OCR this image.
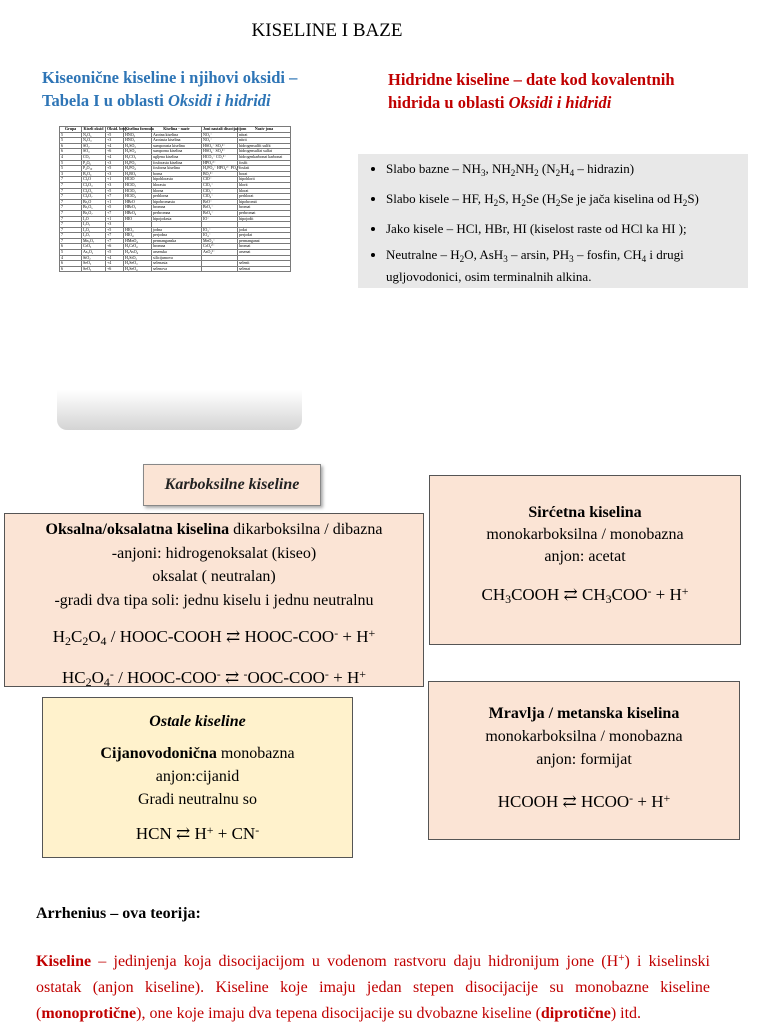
KISELINE I BAZE
Kiseonične kiseline i njihovi oksidi –
Tabela I u oblasti Oksidi i hidridi
Hidridne kiseline – date kod kovalentnih
hidrida u oblasti Oksidi i hidridi
Grupa	Kiseli oksid	Oksid. broj	Kiselina formula	Kiselina - naziv	Joni nastali disocijacijom	Naziv jona
5	N₂O₅	+5	HNO₃	Azotna kiselina	NO₃⁻	nitrat
5	N₂O₃	+3	HNO₂	Azotasta kiselina	NO₂⁻	nitrit
6	SO₂	+4	H₂SO₃	sumporasta kiselina	HSO₃⁻ SO₃²⁻	hidrogensulfit sulfit
6	SO₃	+6	H₂SO₄	sumporna kiselina	HSO₄⁻ SO₄²⁻	hidrogensulfat sulfat
4	CO₂	+4	H₂CO₃	ugljena kiselina	HCO₃⁻ CO₃²⁻	hidrogenkarbonat karbonat
5	P₄O₆	+3	H₃PO₃	fosforasta kiselina	HPO₃²⁻	fosfit
5	P₄O₁₀	+5	H₃PO₄	fosforna kiselina	H₂PO₄⁻ HPO₄²⁻ PO₄³⁻	fosfati
3	B₂O₃	+3	H₃BO₃	borna	BO₃³⁻	borat
7	Cl₂O	+1	HClO	hipohlorasta	ClO⁻	hipohlorit
7	Cl₂O₃	+3	HClO₂	hlorasta	ClO₂⁻	hlorit
7	Cl₂O₅	+5	HClO₃	hlorna	ClO₃⁻	hlorat
7	Cl₂O₇	+7	HClO₄	perhlorna	ClO₄⁻	perhlorat
7	Br₂O	+1	HBrO	hipobromasta	BrO⁻	hipobromit
7	Br₂O₅	+5	HBrO₃	bromna	BrO₃⁻	bromat
7	Br₂O₇	+7	HBrO₄	perbromna	BrO₄⁻	perbromat
7	I₂O	+1	HIO	hipojodasta	IO⁻	hipojodit
7	I₂O₃	+3				
7	I₂O₅	+5	HIO₃	jodna	IO₃⁻	jodat
7	I₂O₇	+7	HIO₄	perjodna	IO₄⁻	perjodat
7	Mn₂O₇	+7	HMnO₄	permanganska	MnO₄⁻	permanganat
6	CrO₃	+6	H₂CrO₄	hromna	CrO₄²⁻	hromat
5	As₂O₅	+5	H₃AsO₄	arsenska	AsO₄³⁻	arsenat
4	SiO₂	+4	H₂SiO₃	silicijumova		
6	SeO₂	+4	H₂SeO₃	selenasta		selenit
6	SeO₃	+6	H₂SeO₄	selenova		selenat
• Slabo bazne – $NH_3$, $NH_2NH_2$ ($N_2H_4$ – hidrazin)
• Slabo kisele – HF, $H_2S$, $H_2Se$ ($H_2Se$ je jača kiselina od $H_2S$)
• Jako kisele – HCl, HBr, HI (kiselost raste od HCl ka HI );
• Neutralne – $H_2O$, AsH$_3$ – arsin, $PH_3$ – fosfin, $CH_4$ i drugi ugljovodonici, osim terminalnih alkina.
Karboksilne kiseline
Oksalna/oksalatna kiselina dikarboksilna / dibazna
-anjoni: hidrogenoksalat (kiseo)
oksalat ( neutralan)
-gradi dva tipa soli: jednu kiselu i jednu neutralnu
$H_2C_2O_4$ / HOOC-COOH ⇄ HOOC-COO- + H+
$HC_2O_4^-$ / HOOC-COO- ⇄ -OOC-COO- + H+
Sirćetna kiselina
monokarboksilna / monobazna
anjon: acetat
$CH_3COOH$ ⇄ $CH_3COO^- + H^+$
Mravlja / metanska kiselina
monokarboksilna / monobazna
anjon: formijat
HCOOH ⇄ HCOO- + H+
Ostale kiseline
Cijanovodonična monobazna
anjon:cijanid
Gradi neutralnu so
HCN ⇄ H+ + CN-
Arrhenius – ova teorija:
Kiseline – jedinjenja koja disocijacijom u vodenom rastvoru daju hidronijum jone (H+) i kiselinski ostatak (anjon kiseline). Kiseline koje imaju jedan stepen disocijacije su monobazne kiseline (monoprotične), one koje imaju dva tepena disocijacije su dvobazne kiseline (diprotične) itd.
